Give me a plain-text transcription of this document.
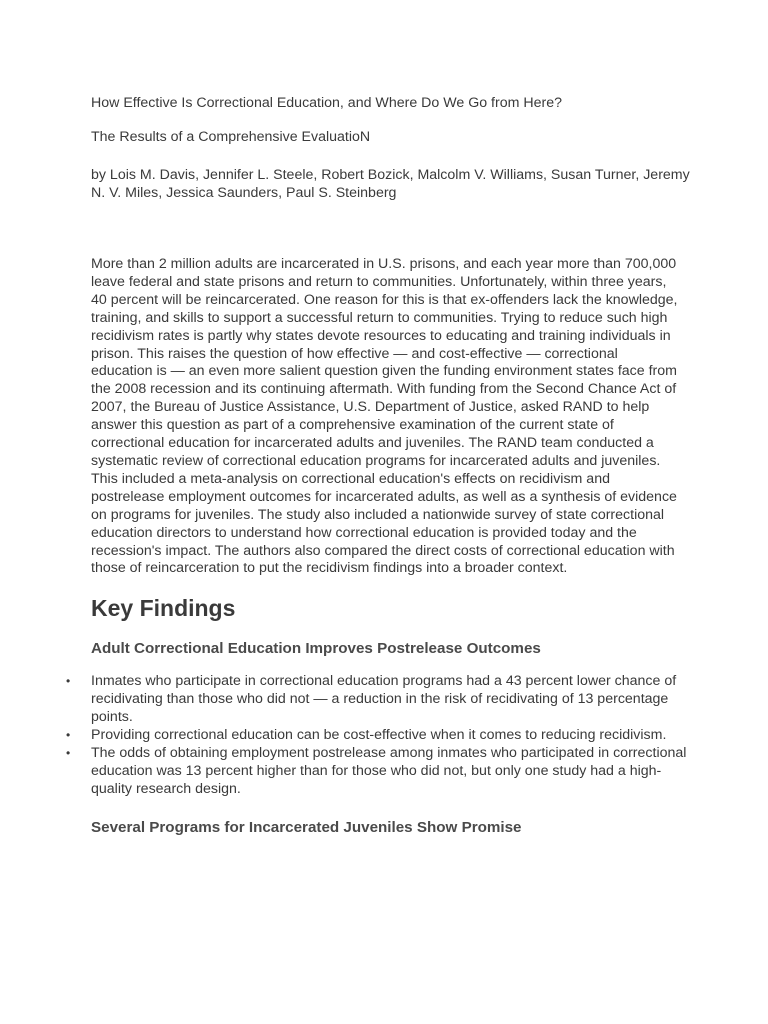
How Effective Is Correctional Education, and Where Do We Go from Here?

The Results of a Comprehensive EvaluatioN

by Lois M. Davis, Jennifer L. Steele, Robert Bozick, Malcolm V. Williams, Susan Turner, Jeremy N. V. Miles, Jessica Saunders, Paul S. Steinberg

More than 2 million adults are incarcerated in U.S. prisons, and each year more than 700,000 leave federal and state prisons and return to communities. Unfortunately, within three years, 40 percent will be reincarcerated. One reason for this is that ex-offenders lack the knowledge, training, and skills to support a successful return to communities. Trying to reduce such high recidivism rates is partly why states devote resources to educating and training individuals in prison. This raises the question of how effective — and cost-effective — correctional education is — an even more salient question given the funding environment states face from the 2008 recession and its continuing aftermath. With funding from the Second Chance Act of 2007, the Bureau of Justice Assistance, U.S. Department of Justice, asked RAND to help answer this question as part of a comprehensive examination of the current state of correctional education for incarcerated adults and juveniles. The RAND team conducted a systematic review of correctional education programs for incarcerated adults and juveniles. This included a meta-analysis on correctional education's effects on recidivism and postrelease employment outcomes for incarcerated adults, as well as a synthesis of evidence on programs for juveniles. The study also included a nationwide survey of state correctional education directors to understand how correctional education is provided today and the recession's impact. The authors also compared the direct costs of correctional education with those of reincarceration to put the recidivism findings into a broader context.

Key Findings
Adult Correctional Education Improves Postrelease Outcomes
• Inmates who participate in correctional education programs had a 43 percent lower chance of recidivating than those who did not — a reduction in the risk of recidivating of 13 percentage points.
• Providing correctional education can be cost-effective when it comes to reducing recidivism.
• The odds of obtaining employment postrelease among inmates who participated in correctional education was 13 percent higher than for those who did not, but only one study had a high-quality research design.
Several Programs for Incarcerated Juveniles Show Promise
